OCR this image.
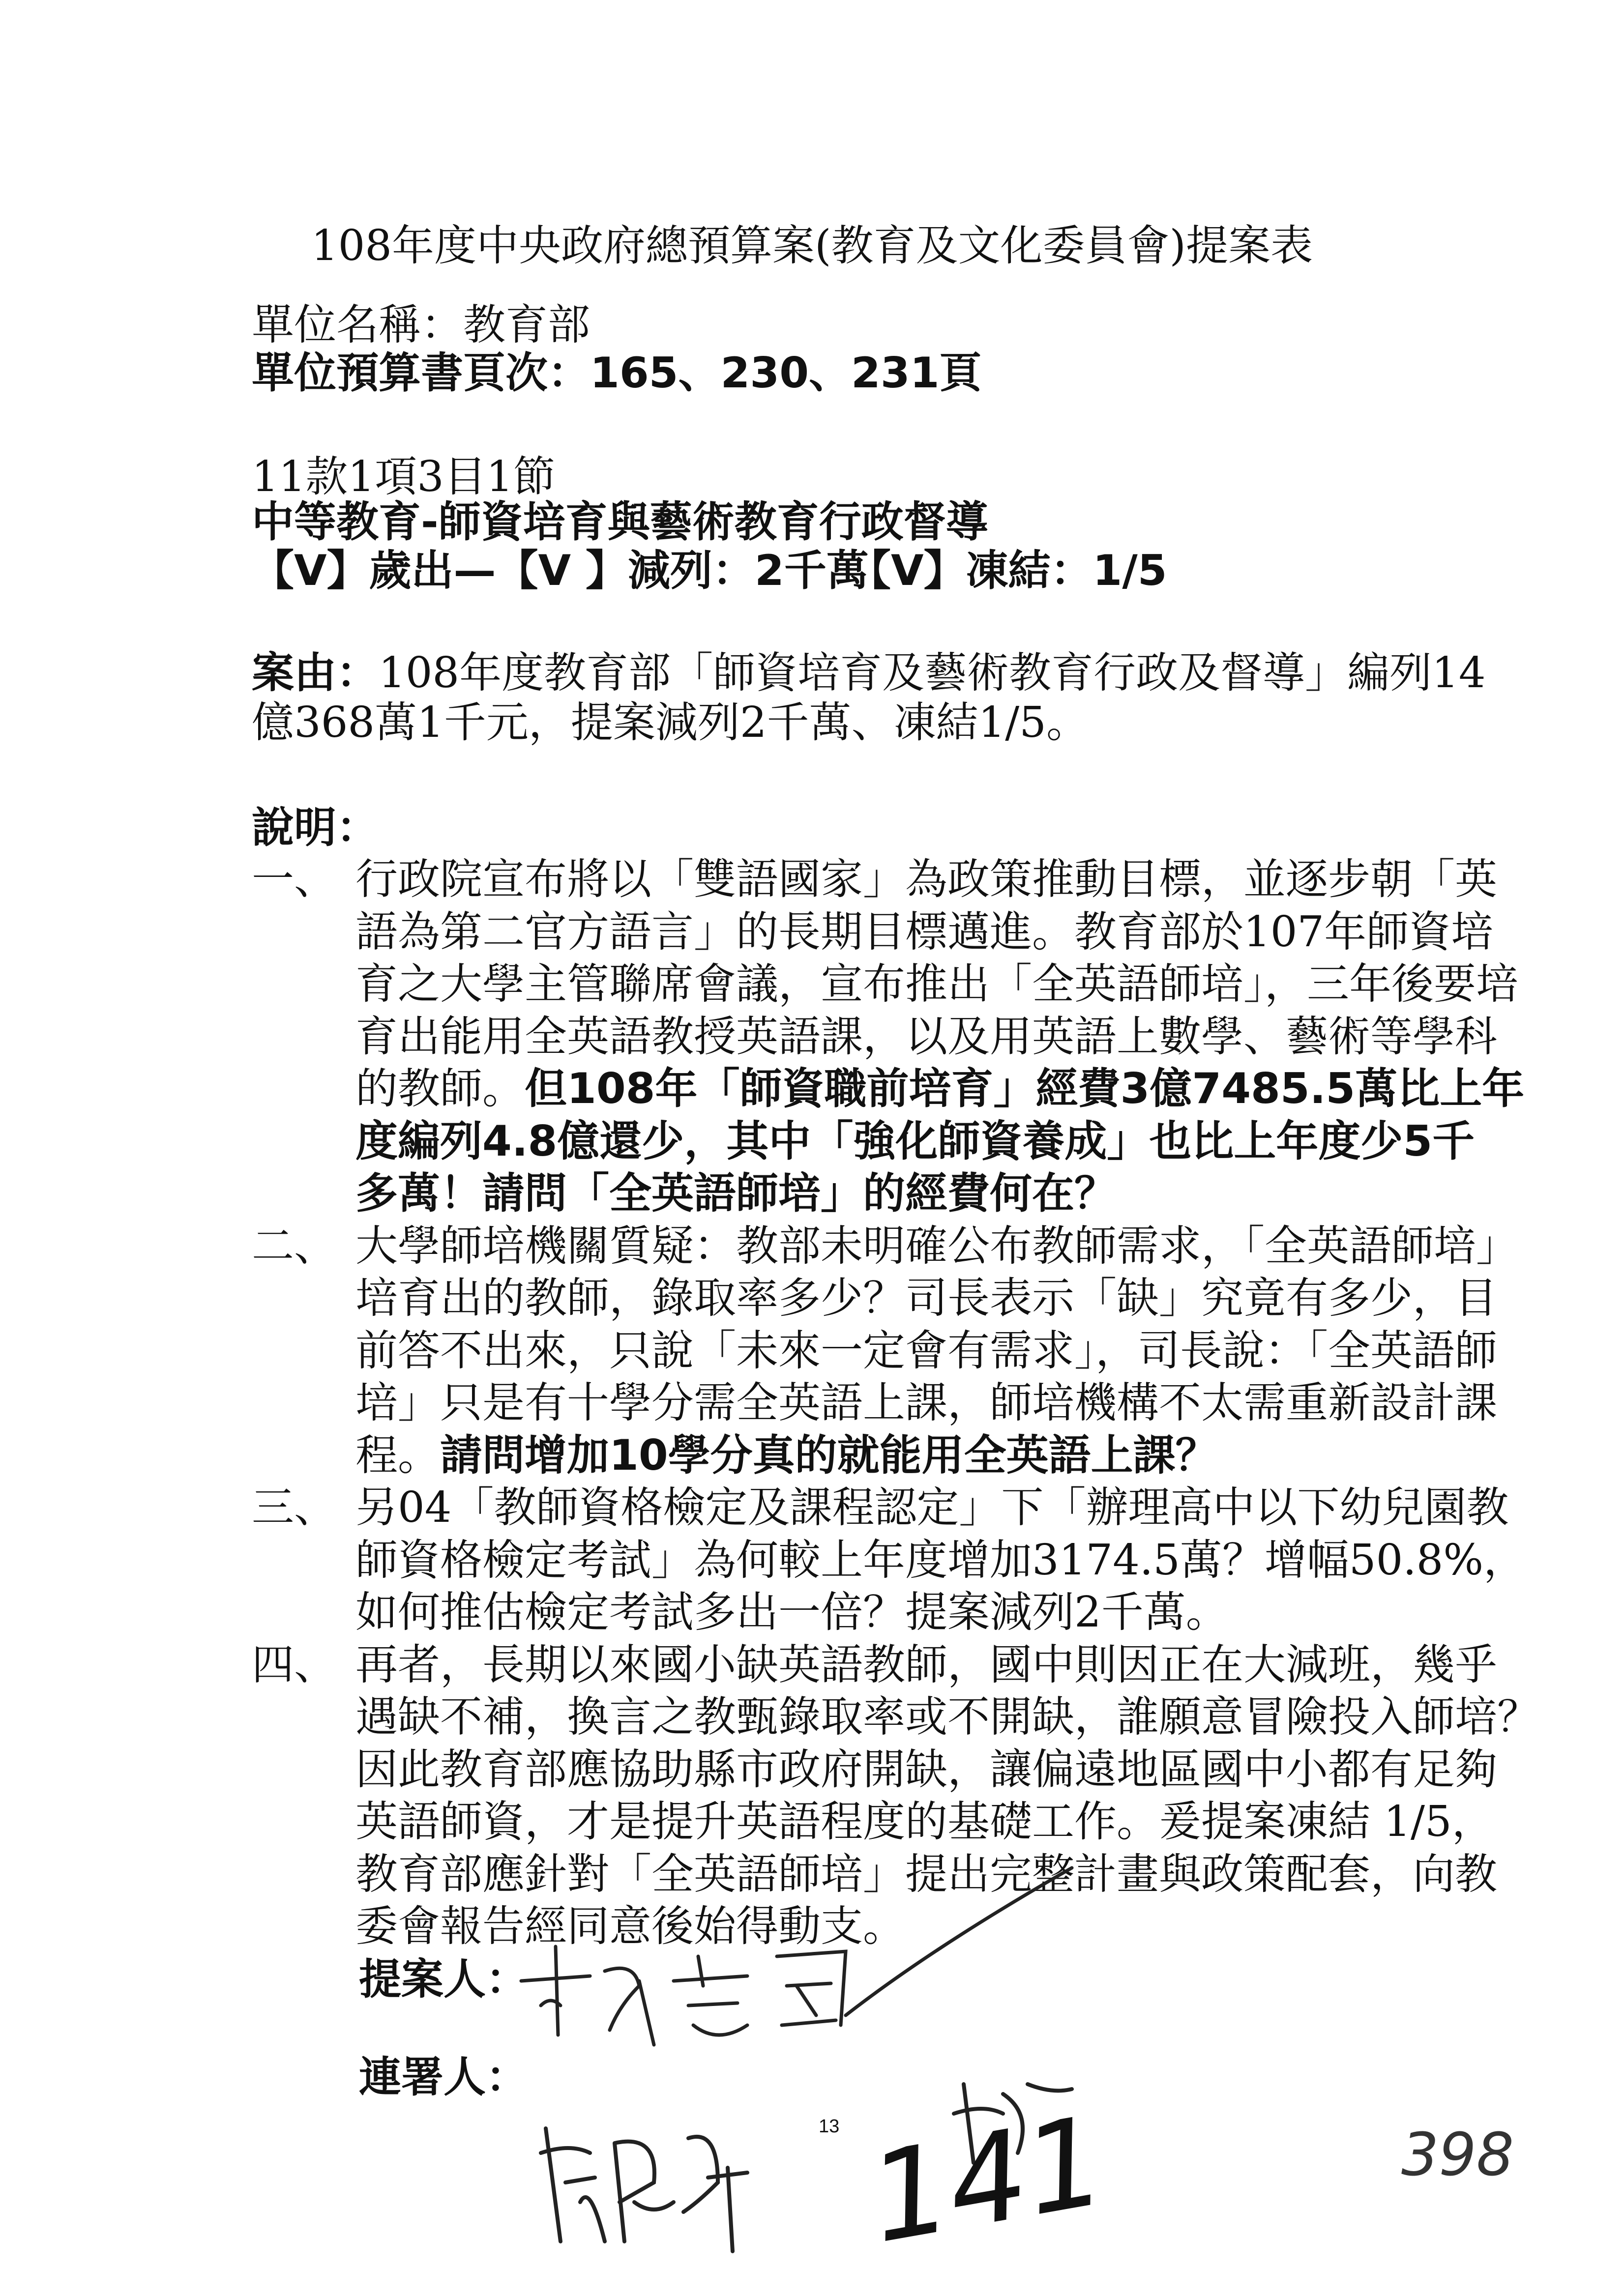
108年度中央政府總預算案(教育及文化委員會)提案表
單位名稱：教育部
單位預算書頁次：165、230、231頁
11款1項3目1節
中等教育-師資培育與藝術教育行政督導
【V】歲出—【V 】減列：2千萬
【V】凍結：1/5
案由：108年度教育部「師資培育及藝術教育行政及督導」編列14
億368萬1千元，提案減列2千萬、凍結1/5。
說明：
一、 行政院宣布將以「雙語國家」為政策推動目標，並逐步朝「英
語為第二官方語言」的長期目標邁進。教育部於107年師資培
育之大學主管聯席會議，宣布推出「全英語師培」，三年後要培
育出能用全英語教授英語課，以及用英語上數學、藝術等學科
的教師。但108年「師資職前培育」經費3億7485.5萬比上年
度編列4.8億還少，其中「強化師資養成」也比上年度少5千
多萬！請問「全英語師培」的經費何在？
二、 大學師培機關質疑：教部未明確公布教師需求，「全英語師培」
培育出的教師，錄取率多少？司長表示「缺」究竟有多少，目
前答不出來，只說「未來一定會有需求」，司長說：「全英語師
培」只是有十學分需全英語上課，師培機構不太需重新設計課
程。請問增加10學分真的就能用全英語上課？
三、 另04「教師資格檢定及課程認定」下「辦理高中以下幼兒園教
師資格檢定考試」為何較上年度增加3174.5萬？增幅50.8%，
如何推估檢定考試多出一倍？提案減列2千萬。
四、 再者，長期以來國小缺英語教師，國中則因正在大減班，幾乎
遇缺不補，換言之教甄錄取率或不開缺，誰願意冒險投入師培？
因此教育部應協助縣市政府開缺，讓偏遠地區國中小都有足夠
英語師資，才是提升英語程度的基礎工作。爰提案凍結 1/5，
教育部應針對「全英語師培」提出完整計畫與政策配套，向教
委會報告經同意後始得動支。
提案人：
連署人：
141	398
13
